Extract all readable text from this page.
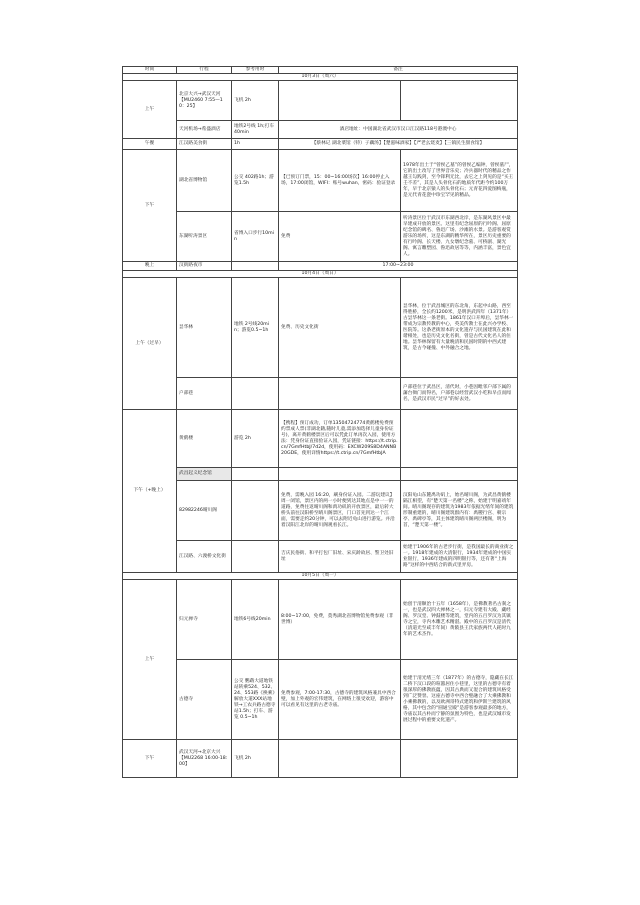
时间	行程	参考用时	备注	
10月3日（周六）				
上午	北京大兴→武汉天河【MU2460 7:55—10：25】	飞机 2h		
	天河机场→希盛酒店	地铁2号线 1h;打车 40min	酒店地址：中国湖北省武汉市汉口江汉路118号港澳中心	
午餐	江汉路美食街	1h	【蔡林记 湖北菜馆（特）子藕汤】【楚滋味酒家】【严老幺烧麦】【三镇民生甜食馆】	
下午	湖北省博物馆	公交 402路1h；游览1.5h	【已预订门票，15：00~16:00场次】16:00停止入场，17:00闭馆，WIFI：账号wuhan，密码：验证登录	1978年出土于“曾侯乙墓”的曾侯乙编钟，曾侯墓尸，它的出土改写了世界音乐史；冷兵器时代的精品之作越王勾践剑，至今锋利无比，去它之上剑见的是“买王壬不差”，其是人头骨化石的地质年代距今约100万年，早于北京猿人的头骨化石；元青花四爱图梅瓶，是元代青花瓷中珍宝罕见的精品。
	东湖听涛景区	省博入口步行10min	免费	听涛景区位于武汉市东湖西北岸，是东湖风景区中最早建成开放的景区。这里有纪念屈原的行吟阁、屈原纪念馆的碑名、鲁迅广场、沙滩的水景。是游客观赏游乐的场所，这是东湖的精华所在，景区历史重要的有行吟阁、长天楼、九女墩纪念墓、可桥剧、湖光阁、寓言雕塑园、鲁迅故居等等，内涵丰富，景色宜人。
晚上	汉街路夜市		17:00~23:00	
10月4日（周日）				
上午（过早）	昙华林	地铁 2号线20min；游览0.5~1h	免费、历史文化街	昙华林，位于武昌城区的东北角，东起中山路，西至得胜桥，全长约1200米，是明洪武四年（1371年）古昙华林这一条老街。1861年汉口开埠后，昙华林一带成为宗教传教的中心，英美传教士在此兴办学校、医院等。这条老街原本的文化遗存与民国建筑在此和谐相处，也是历史文化名街，曾是古代文化名人的住地。昙华林保留有大量晚清和民国时期的中西式建筑，是古今碰撞、中外融合之地。
	户部巷			户部巷位于武昌区，清代时，小巷因毗邻户部下属的藩台衙门而得名，户部巷以经营武汉小吃和早点而闻名，是武汉市民“过早”的好去处。
下午（+晚上）	黄鹤楼	游览 2h	【携程】预订成功，订单13504724774黄鹤楼免费预约票成人票(非湖北籍,随时儿童,需添加选择儿童身份证号)，离开黄鹤楼景区后可以凭此订单再次入园，使用方法：凭身份证直接验证入园，凭证链接：https://t.ctrip.cn/7GmfHtbJ/7d2d，使用码：EXCW209S8D4ANNB20GDE，使用详情https://t.ctrip.cn/7GmfHtbJA	
	武昌起义纪念馆			
	82982246晴川阁		免费，需晚入园 16:20，刷身份证入园。二游玩建议】周一闭馆，景区内的两一小时便到达其地点是中一一的道路，免费往返晴川阁和禹功矶的开放景区，最后转大桥头前往汉阳桥至晴川阁景区，门口首先到达一个江面，需要走约20分钟，可以去附近龟山进行游览。并沿着汉阳江北岸的晴川阁观看长江。	汉阳龟山东麓禹功矶上，始名晴川阁，为武昌黄鹤楼隔江相望，有“楚天第一名楼”之称，始建于明嘉靖年间。晴川阁现存的建筑为1983年依据光绪年间的建筑形制重建的，晴川阁建筑群内有：禹稷行宫、朝宗亭、禹碑亭等，其主体建筑晴川阁两层楼阁，明为首，“楚天第一楼”。
	江汉路、六渡桥文化街		吉庆民俗街、和平打包厂旧址、宋庆龄故居、警卫处旧址	始建于1906年的古老步行街，是我国最长的商业街之一。1918年建成的大清银行，1934年建成的中国实业银行，1936年建成的四明银行等，还有著“上海路”这样的中西结合的新式里弄房。
10月5日（周一）				
上午	归元禅寺	地铁6号线20min	8:00~17:00，免费，莫秀湖北省博物馆免费参观（非世博）	始创于清顺治十五年（1658年），是佛教著名古刹之一，也是武汉四大禅林之一，归元寺建有大殿、藏经阁、罗汉堂、钟鼓楼等建筑，堂内的五百罗汉为其镇寺之宝，寺内木雕艺术精湛。殿中的五百罗汉是清代（清道光至咸丰年间）黄陂县王氏家族两代人耗时九年的艺术杰作。
	古德寺	公交 鹦鹉大道地铁站转乘524、532、24、553路《换乘》解放大道XXX站地铁→工农兵路古德寺站1.5h；打车、游览 0.5~1h	免费参观，7:00-17:30，古德寺的建筑风格兼具中西合璧，加上外观的宏伟建筑，在网络上很受欢迎，游客中可以看见有这里的古老寺庙。	始建于清光绪三年（1877年）的古德寺，隐藏在长江二桥下汉口段的喧嚣居住小巷里，这里的古德寺有着很深厚的佛教底蕴，因其古典而又混合的建筑风格受到广泛赞誉。这座古德寺中西合璧融合了大乘佛教和小乘佛教的，以及欧洲哥特式建筑和伊斯兰建筑的风格，其中包含的“圆通宝殿”是游客参观最多的地方，寺庙以其古朴而宁静的氛围为特色，也是武汉城市发展过程中的重要文化遗产。
下午	武汉天河→北京大兴【MU2268 16:00-18:00】	飞机 2h		
